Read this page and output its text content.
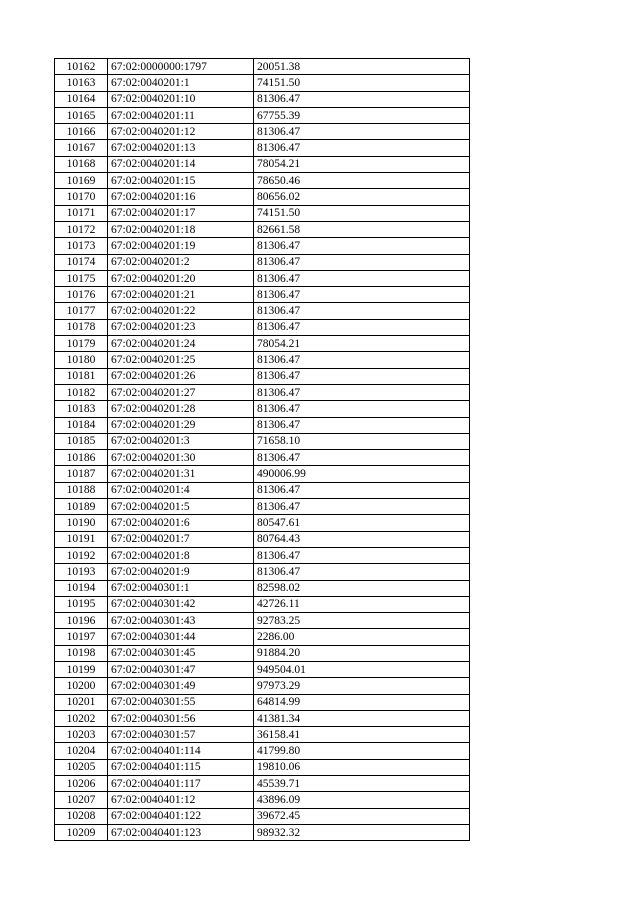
10162	67:02:0000000:1797	20051.38
10163	67:02:0040201:1	74151.50
10164	67:02:0040201:10	81306.47
10165	67:02:0040201:11	67755.39
10166	67:02:0040201:12	81306.47
10167	67:02:0040201:13	81306.47
10168	67:02:0040201:14	78054.21
10169	67:02:0040201:15	78650.46
10170	67:02:0040201:16	80656.02
10171	67:02:0040201:17	74151.50
10172	67:02:0040201:18	82661.58
10173	67:02:0040201:19	81306.47
10174	67:02:0040201:2	81306.47
10175	67:02:0040201:20	81306.47
10176	67:02:0040201:21	81306.47
10177	67:02:0040201:22	81306.47
10178	67:02:0040201:23	81306.47
10179	67:02:0040201:24	78054.21
10180	67:02:0040201:25	81306.47
10181	67:02:0040201:26	81306.47
10182	67:02:0040201:27	81306.47
10183	67:02:0040201:28	81306.47
10184	67:02:0040201:29	81306.47
10185	67:02:0040201:3	71658.10
10186	67:02:0040201:30	81306.47
10187	67:02:0040201:31	490006.99
10188	67:02:0040201:4	81306.47
10189	67:02:0040201:5	81306.47
10190	67:02:0040201:6	80547.61
10191	67:02:0040201:7	80764.43
10192	67:02:0040201:8	81306.47
10193	67:02:0040201:9	81306.47
10194	67:02:0040301:1	82598.02
10195	67:02:0040301:42	42726.11
10196	67:02:0040301:43	92783.25
10197	67:02:0040301:44	2286.00
10198	67:02:0040301:45	91884.20
10199	67:02:0040301:47	949504.01
10200	67:02:0040301:49	97973.29
10201	67:02:0040301:55	64814.99
10202	67:02:0040301:56	41381.34
10203	67:02:0040301:57	36158.41
10204	67:02:0040401:114	41799.80
10205	67:02:0040401:115	19810.06
10206	67:02:0040401:117	45539.71
10207	67:02:0040401:12	43896.09
10208	67:02:0040401:122	39672.45
10209	67:02:0040401:123	98932.32
